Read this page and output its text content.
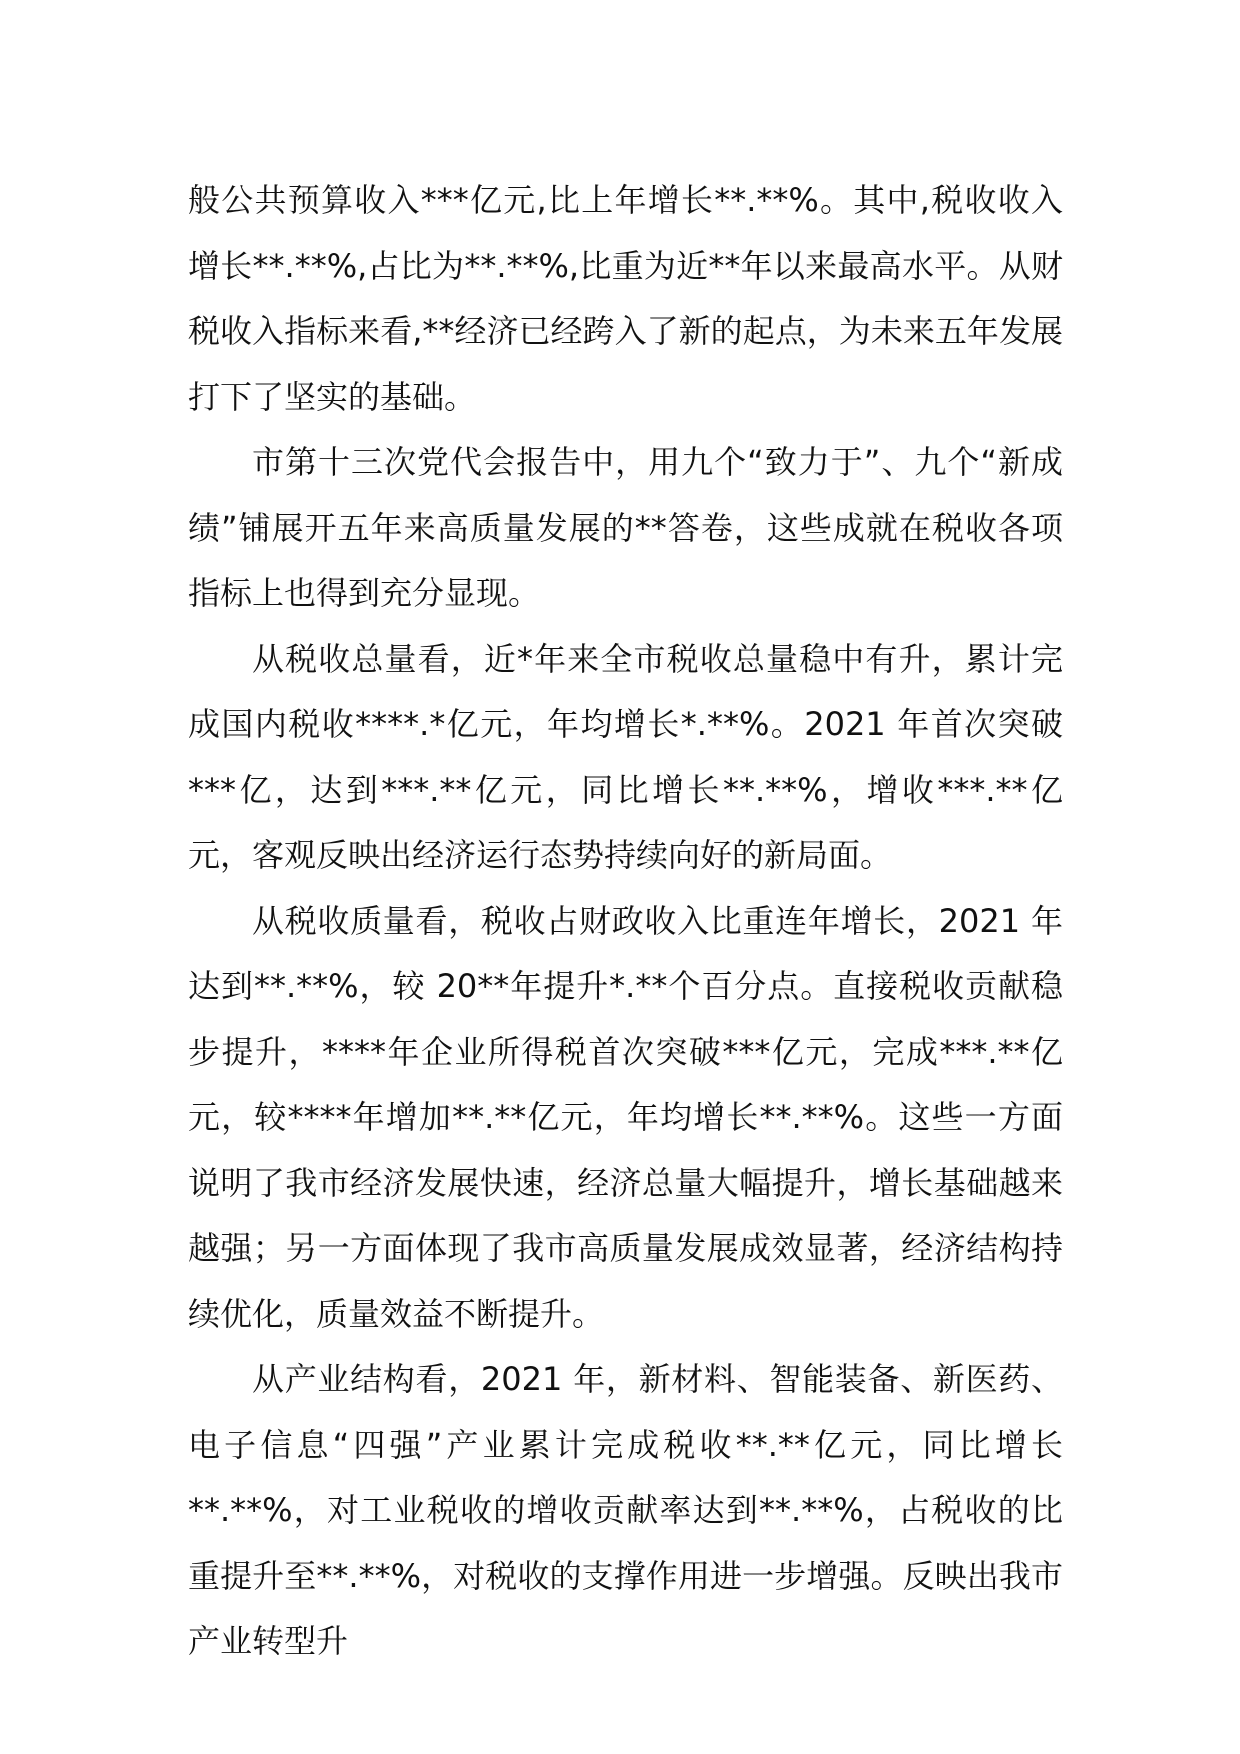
般公共预算收入***亿元,比上年增长**.**%。其中,税收收入增长**.**%,占比为**.**%,比重为近**年以来最高水平。从财税收入指标来看,**经济已经跨入了新的起点，为未来五年发展打下了坚实的基础。

市第十三次党代会报告中，用九个“致力于”、九个“新成绩”铺展开五年来高质量发展的**答卷，这些成就在税收各项指标上也得到充分显现。

从税收总量看，近*年来全市税收总量稳中有升，累计完成国内税收****.*亿元，年均增长*.**%。2021 年首次突破***亿，达到***.**亿元，同比增长**.**%，增收***.**亿元，客观反映出经济运行态势持续向好的新局面。

从税收质量看，税收占财政收入比重连年增长，2021 年达到**.**%，较 20**年提升*.**个百分点。直接税收贡献稳步提升，****年企业所得税首次突破***亿元，完成***.**亿元，较****年增加**.**亿元，年均增长**.**%。这些一方面说明了我市经济发展快速，经济总量大幅提升，增长基础越来越强；另一方面体现了我市高质量发展成效显著，经济结构持续优化，质量效益不断提升。

从产业结构看，2021 年，新材料、智能装备、新医药、电子信息“四强”产业累计完成税收**.**亿元，同比增长**.**%，对工业税收的增收贡献率达到**.**%，占税收的比重提升至**.**%，对税收的支撑作用进一步增强。反映出我市产业转型升
